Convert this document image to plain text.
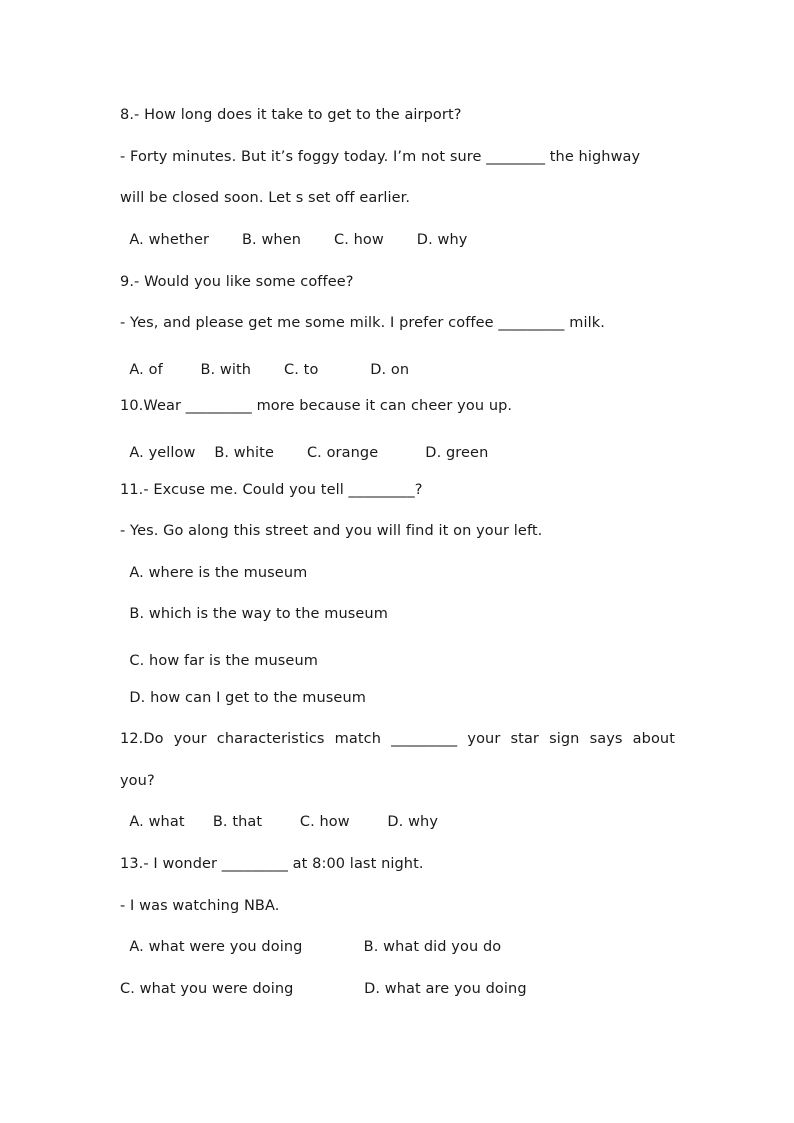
8.- How long does it take to get to the airport?
- Forty minutes. But it’s foggy today. I’m not sure ________ the highway
will be closed soon. Let s set off earlier.
A. whether       B. when       C. how       D. why
9.- Would you like some coffee?
- Yes, and please get me some milk. I prefer coffee _________ milk.
A. of        B. with       C. to           D. on
10.Wear _________ more because it can cheer you up.
A. yellow    B. white       C. orange          D. green
11.- Excuse me. Could you tell _________?
- Yes. Go along this street and you will find it on your left.
A. where is the museum
B. which is the way to the museum
C. how far is the museum
D. how can I get to the museum
12.Do your characteristics match _________ your star sign says about
you?
A. what      B. that        C. how        D. why
13.- I wonder _________ at 8:00 last night.
- I was watching NBA.
A. what were you doing             B. what did you do
C. what you were doing               D. what are you doing
